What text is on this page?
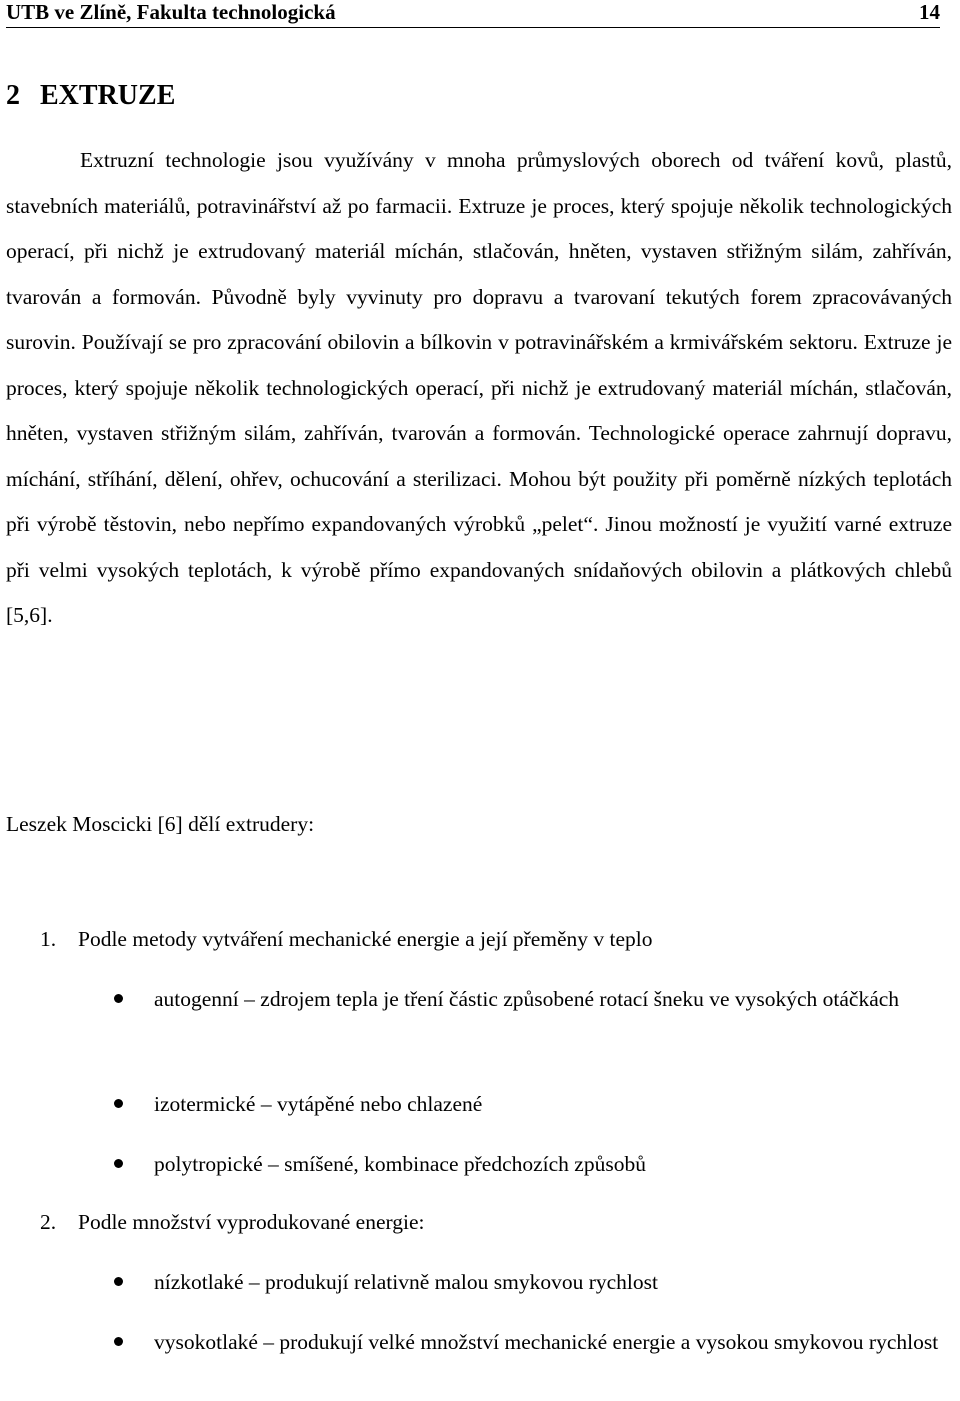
UTB ve Zlíně, Fakulta technologická	14
2 EXTRUZE

Extruzní technologie jsou využívány v mnoha průmyslových oborech od tváření kovů, plastů, stavebních materiálů, potravinářství až po farmacii. Extruze je proces, který spojuje několik technologických operací, při nichž je extrudovaný materiál míchán, stlačován, hněten, vystaven střižným silám, zahříván, tvarován a formován. Původně byly vyvinuty pro dopravu a tvarovaní tekutých forem zpracovávaných surovin. Používají se pro zpracování obilovin a bílkovin v potravinářském a krmivářském sektoru. Extruze je proces, který spojuje několik technologických operací, při nichž je extrudovaný materiál míchán, stlačován, hněten, vystaven střižným silám, zahříván, tvarován a formován. Technologické operace zahrnují dopravu, míchání, stříhání, dělení, ohřev, ochucování a sterilizaci. Mohou být použity při poměrně nízkých teplotách při výrobě těstovin, nebo nepřímo expandovaných výrobků „pelet“. Jinou možností je využití varné extruze při velmi vysokých teplotách, k výrobě přímo expandovaných snídaňových obilovin a plátkových chlebů [5,6].

Leszek Moscicki [6] dělí extrudery:

1. Podle metody vytváření mechanické energie a její přeměny v teplo
autogenní – zdrojem tepla je tření částic způsobené rotací šneku ve vysokých otáčkách
izotermické – vytápěné nebo chlazené
polytropické – smíšené, kombinace předchozích způsobů
2. Podle množství vyprodukované energie:
nízkotlaké – produkují relativně malou smykovou rychlost
vysokotlaké – produkují velké množství mechanické energie a vysokou smykovou rychlost
